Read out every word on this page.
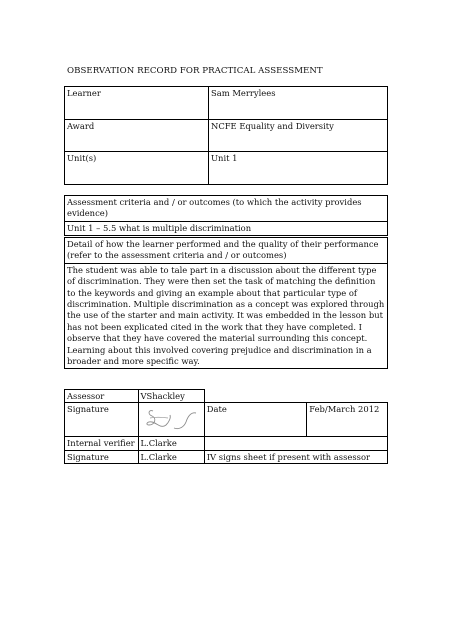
OBSERVATION RECORD FOR PRACTICAL ASSESSMENT
Learner	Sam Merrylees
Award	NCFE Equality and Diversity
Unit(s)	Unit 1
Assessment criteria and / or outcomes (to which the activity provides evidence)
Unit 1 – 5.5 what is multiple discrimination
Detail of how the learner performed and the quality of their performance (refer to the assessment criteria and / or outcomes)
The student was able to tale part in a discussion about the different type of discrimination. They were then set the task of matching the definition to the keywords and giving an example about that particular type of discrimination. Multiple discrimination as a concept was explored through the use of the starter and main activity. It was embedded in the lesson but has not been explicated cited in the work that they have completed. I observe that they have covered the material surrounding this concept. Learning about this involved covering prejudice and discrimination in a broader and more specific way.
Assessor	VShackley		
Signature		Date	Feb/March 2012
Internal verifier	L.Clarke		
Signature	L.Clarke	IV signs sheet if present with assessor	
